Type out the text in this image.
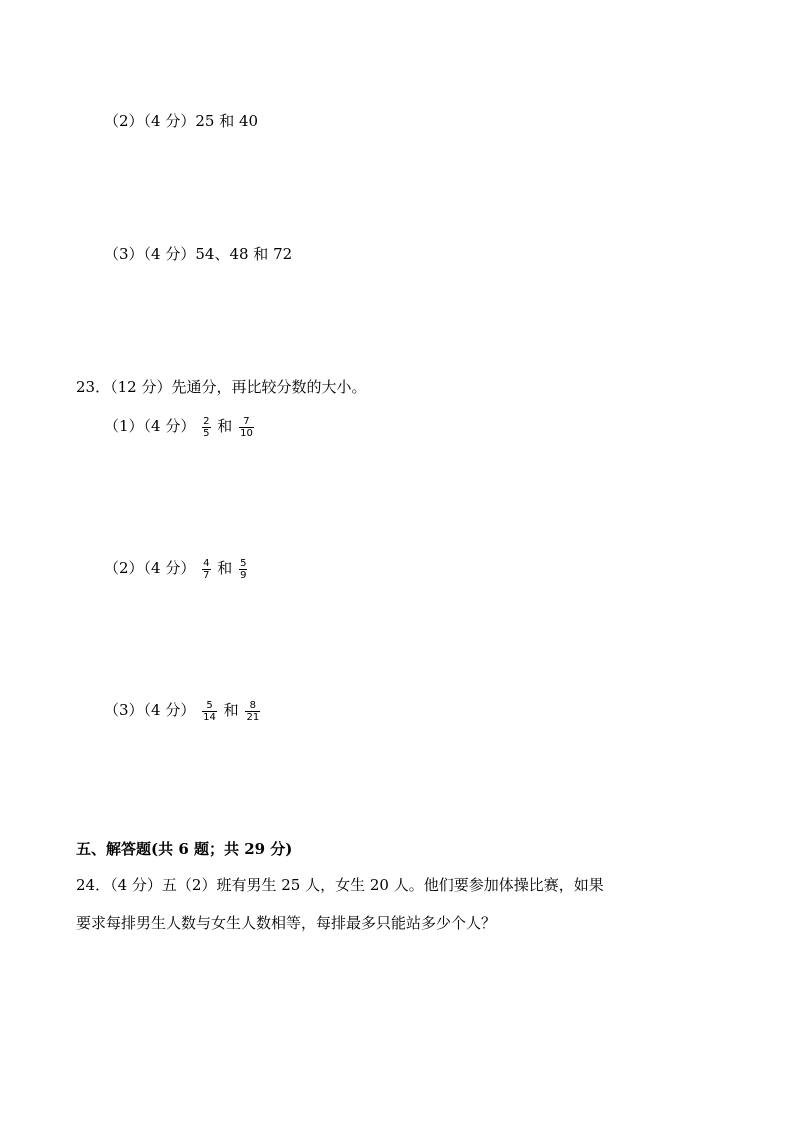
（2）（4 分）25 和 40
（3）（4 分）54、48 和 72
23．（12 分）先通分，再比较分数的大小。
（1）（4 分） $\frac{2}{5}$ 和 $\frac{7}{10}$
（2）（4 分） $\frac{4}{7}$ 和 $\frac{5}{9}$
（3）（4 分） $\frac{5}{14}$ 和 $\frac{8}{21}$
五、解答题(共 6 题；共 29 分)
24．（4 分）五（2）班有男生 25 人，女生 20 人。他们要参加体操比赛，如果
要求每排男生人数与女生人数相等，每排最多只能站多少个人？
